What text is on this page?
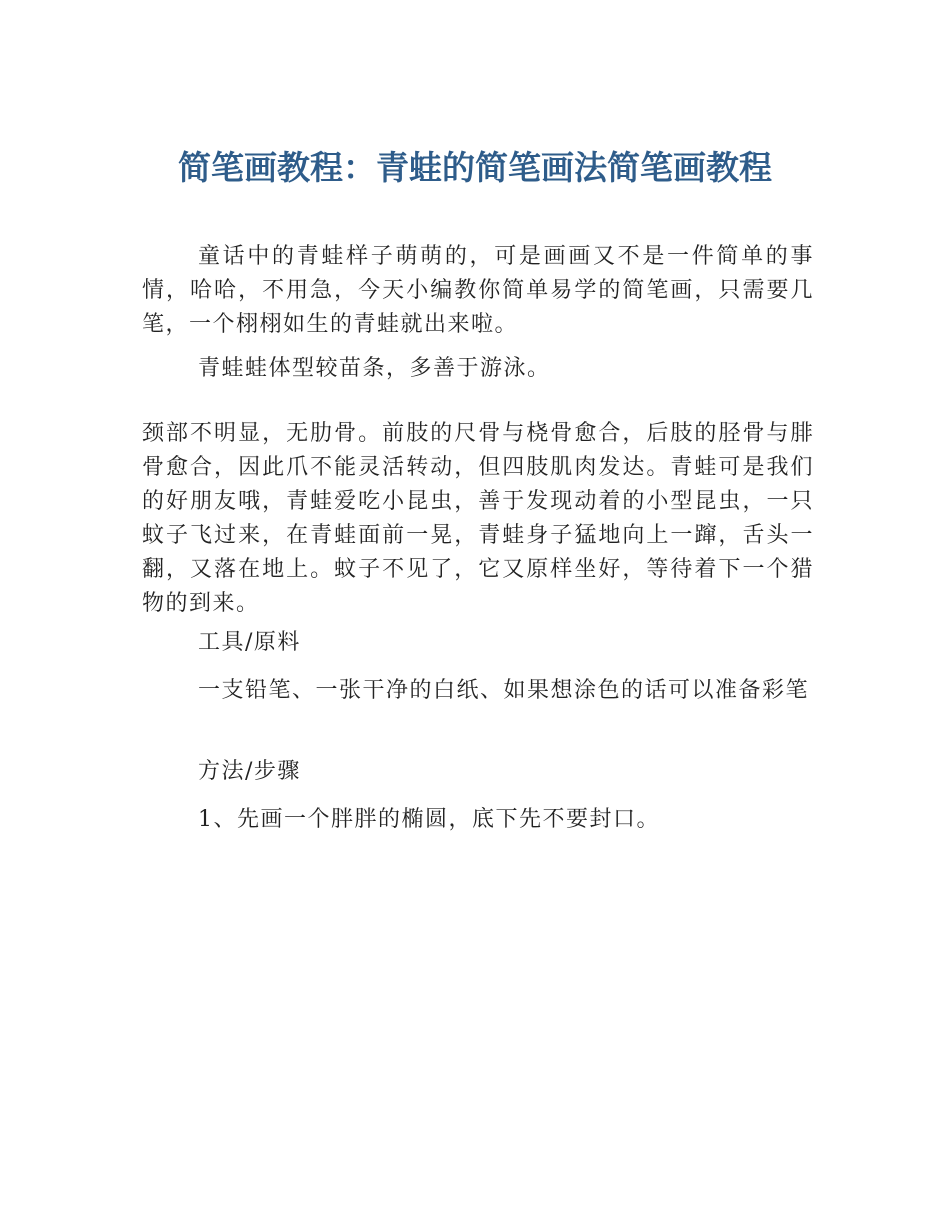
简笔画教程：青蛙的简笔画法简笔画教程

童话中的青蛙样子萌萌的，可是画画又不是一件简单的事情，哈哈，不用急，今天小编教你简单易学的简笔画，只需要几笔，一个栩栩如生的青蛙就出来啦。

青蛙蛙体型较苗条，多善于游泳。

颈部不明显，无肋骨。前肢的尺骨与桡骨愈合，后肢的胫骨与腓骨愈合，因此爪不能灵活转动，但四肢肌肉发达。青蛙可是我们的好朋友哦，青蛙爱吃小昆虫，善于发现动着的小型昆虫，一只蚊子飞过来，在青蛙面前一晃，青蛙身子猛地向上一蹿，舌头一翻，又落在地上。蚊子不见了，它又原样坐好，等待着下一个猎物的到来。

工具/原料

一支铅笔、一张干净的白纸、如果想涂色的话可以准备彩笔

方法/步骤

1、先画一个胖胖的椭圆，底下先不要封口。
